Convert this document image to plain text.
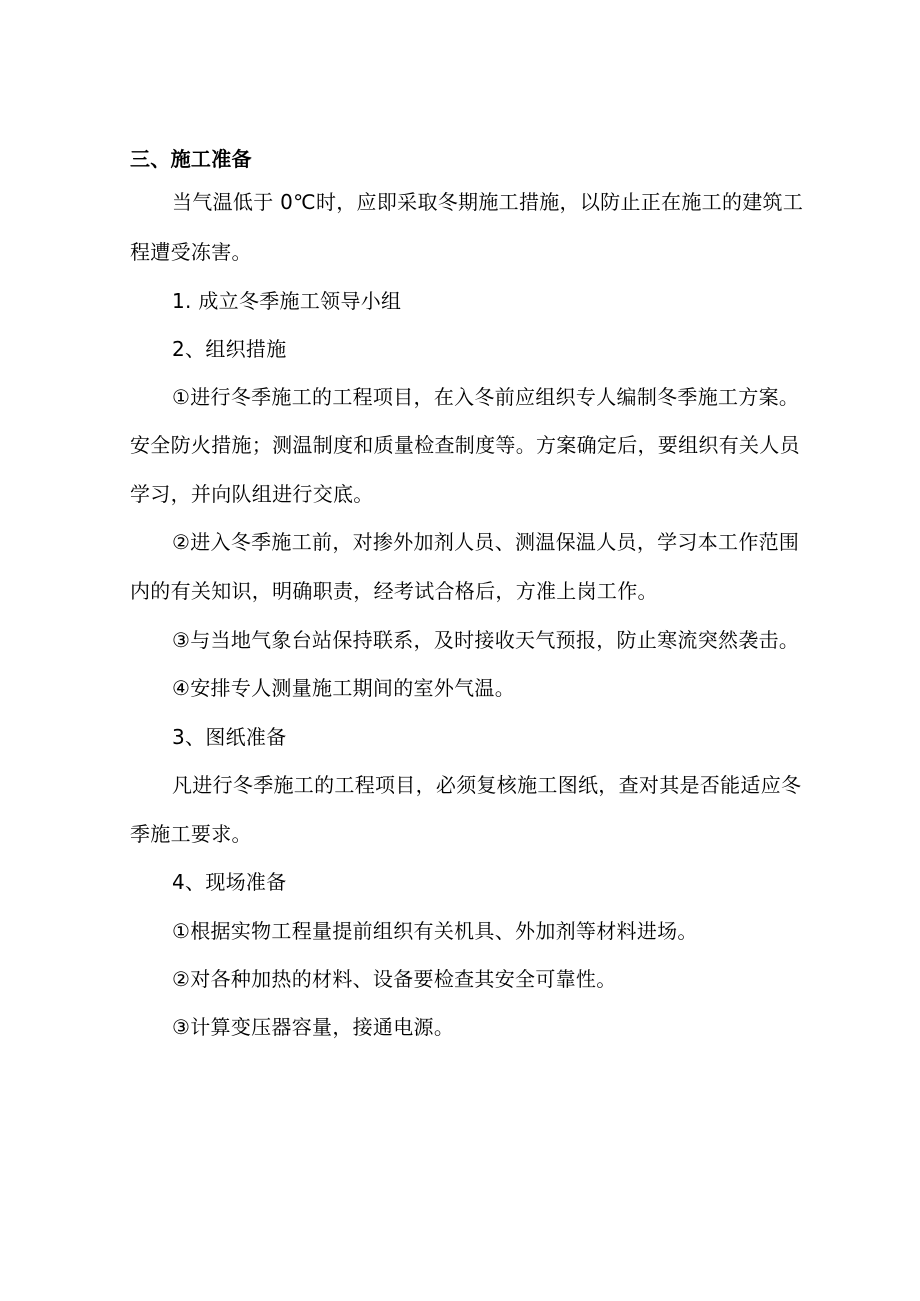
三、施工准备
当气温低于 0℃时，应即采取冬期施工措施，以防止正在施工的建筑工
程遭受冻害。
1. 成立冬季施工领导小组
2、组织措施
①进行冬季施工的工程项目，在入冬前应组织专人编制冬季施工方案。
安全防火措施；测温制度和质量检查制度等。方案确定后，要组织有关人员
学习，并向队组进行交底。
②进入冬季施工前，对掺外加剂人员、测温保温人员，学习本工作范围
内的有关知识，明确职责，经考试合格后，方准上岗工作。
③与当地气象台站保持联系，及时接收天气预报，防止寒流突然袭击。
④安排专人测量施工期间的室外气温。
3、图纸准备
凡进行冬季施工的工程项目，必须复核施工图纸，查对其是否能适应冬
季施工要求。
4、现场准备
①根据实物工程量提前组织有关机具、外加剂等材料进场。
②对各种加热的材料、设备要检查其安全可靠性。
③计算变压器容量，接通电源。
